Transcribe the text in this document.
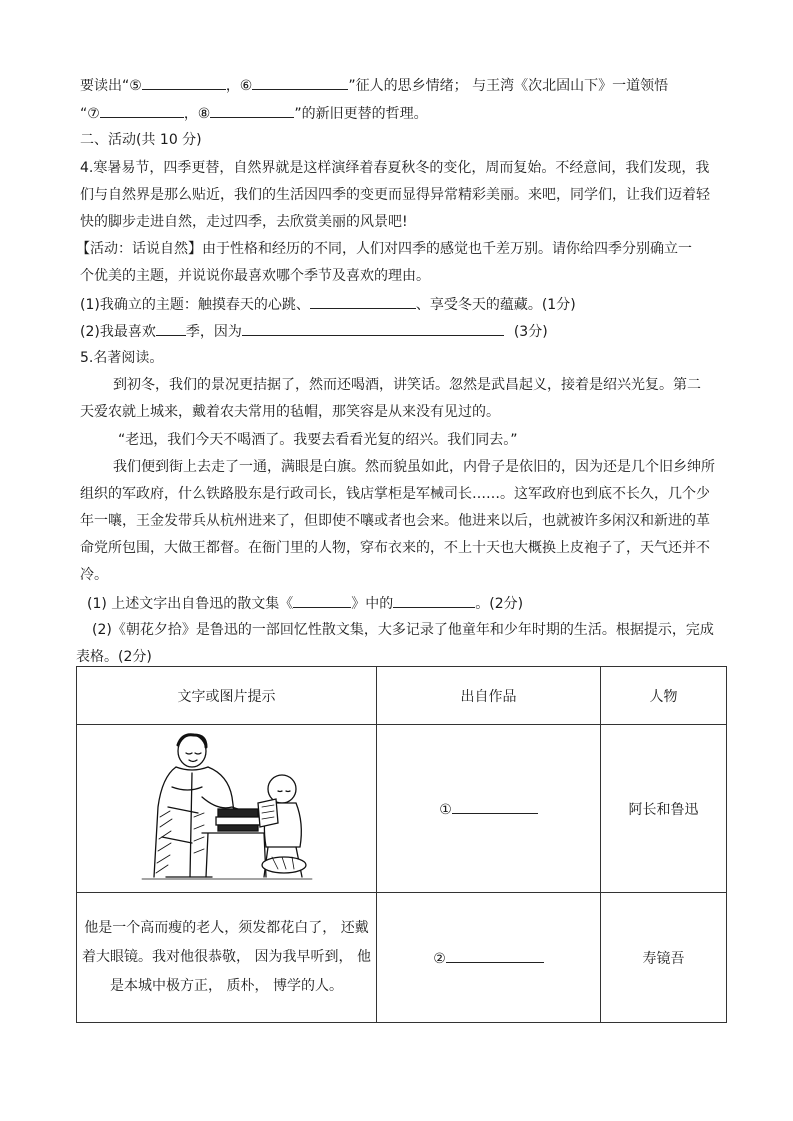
要读出“⑤	，⑥	”征人的思乡情绪； 与王湾《次北固山下》一道领悟
“⑦	，⑧	”的新旧更替的哲理。
二、活动(共 10 分)
4.寒暑易节，四季更替，自然界就是这样演绎着春夏秋冬的变化，周而复始。不经意间，我们发现，我
们与自然界是那么贴近，我们的生活因四季的变更而显得异常精彩美丽。来吧，同学们，让我们迈着轻
快的脚步走进自然，走过四季，去欣赏美丽的风景吧!
【活动：话说自然】由于性格和经历的不同，人们对四季的感觉也千差万别。请你给四季分别确立一
个优美的主题，并说说你最喜欢哪个季节及喜欢的理由。
(1)我确立的主题：触摸春天的心跳、	、享受冬天的蕴藏。(1分)
(2)我最喜欢 季，因为	(3分)
5.名著阅读。
到初冬，我们的景况更拮据了，然而还喝酒，讲笑话。忽然是武昌起义，接着是绍兴光复。第二
天爱农就上城来，戴着农夫常用的毡帽，那笑容是从来没有见过的。
“老迅，我们今天不喝酒了。我要去看看光复的绍兴。我们同去。”
我们便到街上去走了一通，满眼是白旗。然而貌虽如此，内骨子是依旧的，因为还是几个旧乡绅所
组织的军政府，什么铁路股东是行政司长，钱店掌柜是军械司长……。这军政府也到底不长久，几个少
年一嚷，王金发带兵从杭州进来了，但即使不嚷或者也会来。他进来以后，也就被许多闲汉和新进的革
命党所包围，大做王都督。在衙门里的人物，穿布衣来的，不上十天也大概换上皮袍子了，天气还并不
冷。
(1) 上述文字出自鲁迅的散文集《	》中的	。(2分)
(2)《朝花夕拾》是鲁迅的一部回忆性散文集，大多记录了他童年和少年时期的生活。根据提示，完成
表格。(2分)
文字或图片提示	出自作品	人物
	①	阿长和鲁迅

他是一个高而瘦的老人，须发都花白了， 还戴着大眼镜。我对他很恭敬， 因为我早听到， 他是本城中极方正， 质朴， 博学的人。	②	寿镜吾
